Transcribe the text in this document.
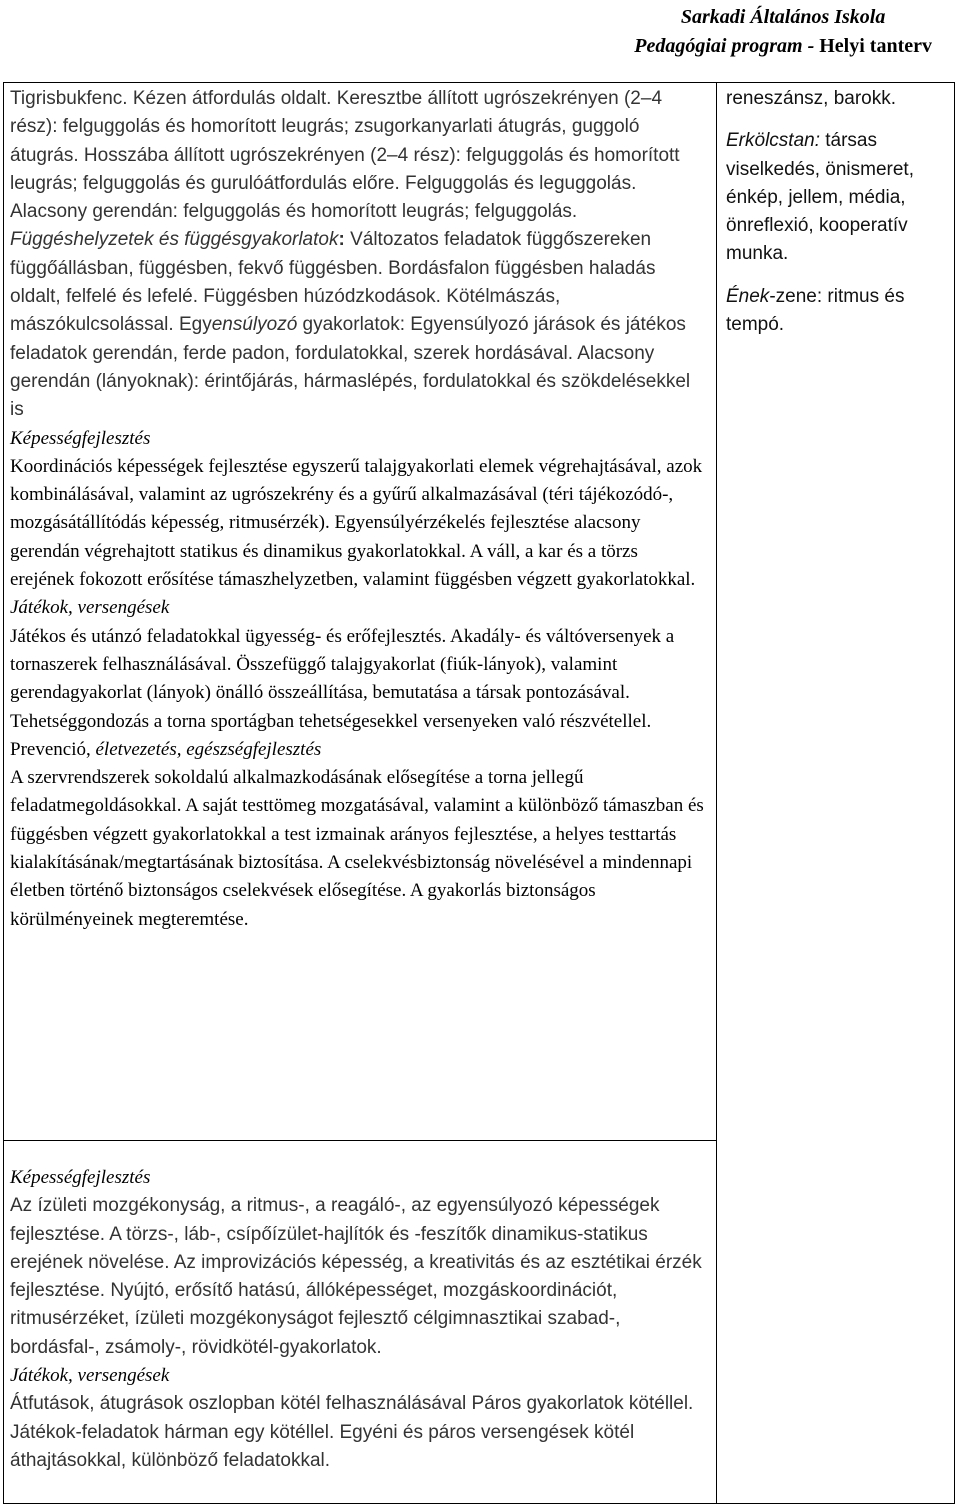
Sarkadi Általános Iskola
Pedagógiai program - Helyi tanterv
Tigrisbukfenc. Kézen átfordulás oldalt. Keresztbe állított ugrószekrényen (2–4 rész): felguggolás és homorított leugrás; zsugorkanyarlati átugrás, guggoló átugrás. Hosszába állított ugrószekrényen (2–4 rész): felguggolás és homorított leugrás; felguggolás és gurulóátfordulás előre. Felguggolás és leguggolás. Alacsony gerendán: felguggolás és homorított leugrás; felguggolás.
Függéshelyzetek és függésgyakorlatok: Változatos feladatok függőszereken függőállásban, függésben, fekvő függésben. Bordásfalon függésben haladás oldalt, felfelé és lefelé. Függésben húzódzkodások. Kötélmászás, mászókulcsolással. Egyensúlyozó gyakorlatok: Egyensúlyozó járások és játékos feladatok gerendán, ferde padon, fordulatokkal, szerek hordásával. Alacsony gerendán (lányoknak): érintőjárás, hármaslépés, fordulatokkal és szökdelésekkel is
Képességfejlesztés
Koordinációs képességek fejlesztése egyszerű talajgyakorlati elemek végrehajtásával, azok kombinálásával, valamint az ugrószekrény és a gyűrű alkalmazásával (téri tájékozódó-, mozgásátállítódás képesség, ritmusérzék). Egyensúlyérzékelés fejlesztése alacsony gerendán végrehajtott statikus és dinamikus gyakorlatokkal. A váll, a kar és a törzs erejének fokozott erősítése támaszhelyzetben, valamint függésben végzett gyakorlatokkal.
Játékok, versengések
Játékos és utánzó feladatokkal ügyesség- és erőfejlesztés. Akadály- és váltóversenyek a tornaszerek felhasználásával. Összefüggő talajgyakorlat (fiúk-lányok), valamint gerendagyakorlat (lányok) önálló összeállítása, bemutatása a társak pontozásával. Tehetséggondozás a torna sportágban tehetségesekkel versenyeken való részvétellel.
Prevenció, életvezetés, egészségfejlesztés
A szervrendszerek sokoldalú alkalmazkodásának elősegítése a torna jellegű feladatmegoldásokkal. A saját testtömeg mozgatásával, valamint a különböző támaszban és függésben végzett gyakorlatokkal a test izmainak arányos fejlesztése, a helyes testtartás kialakításának/megtartásának biztosítása. A cselekvésbiztonság növelésével a mindennapi életben történő biztonságos cselekvések elősegítése. A gyakorlás biztonságos körülményeinek megteremtése.
Képességfejlesztés
Az ízületi mozgékonyság, a ritmus-, a reagáló-, az egyensúlyozó képességek fejlesztése. A törzs-, láb-, csípőízület-hajlítók és -feszítők dinamikus-statikus erejének növelése. Az improvizációs képesség, a kreativitás és az esztétikai érzék fejlesztése. Nyújtó, erősítő hatású, állóképességet, mozgáskoordinációt, ritmusérzéket, ízületi mozgékonyságot fejlesztő célgimnasztikai szabad-, bordásfal-, zsámoly-, rövidkötél-gyakorlatok.
Játékok, versengések
Átfutások, átugrások oszlopban kötél felhasználásával Páros gyakorlatok kötéllel. Játékok-feladatok hárman egy kötéllel. Egyéni és páros versengések kötél áthajtásokkal, különböző feladatokkal.
reneszánsz, barokk.
Erkölcstan: társas viselkedés, önismeret, énkép, jellem, média, önreflexió, kooperatív munka.
Ének-zene: ritmus és tempó.
